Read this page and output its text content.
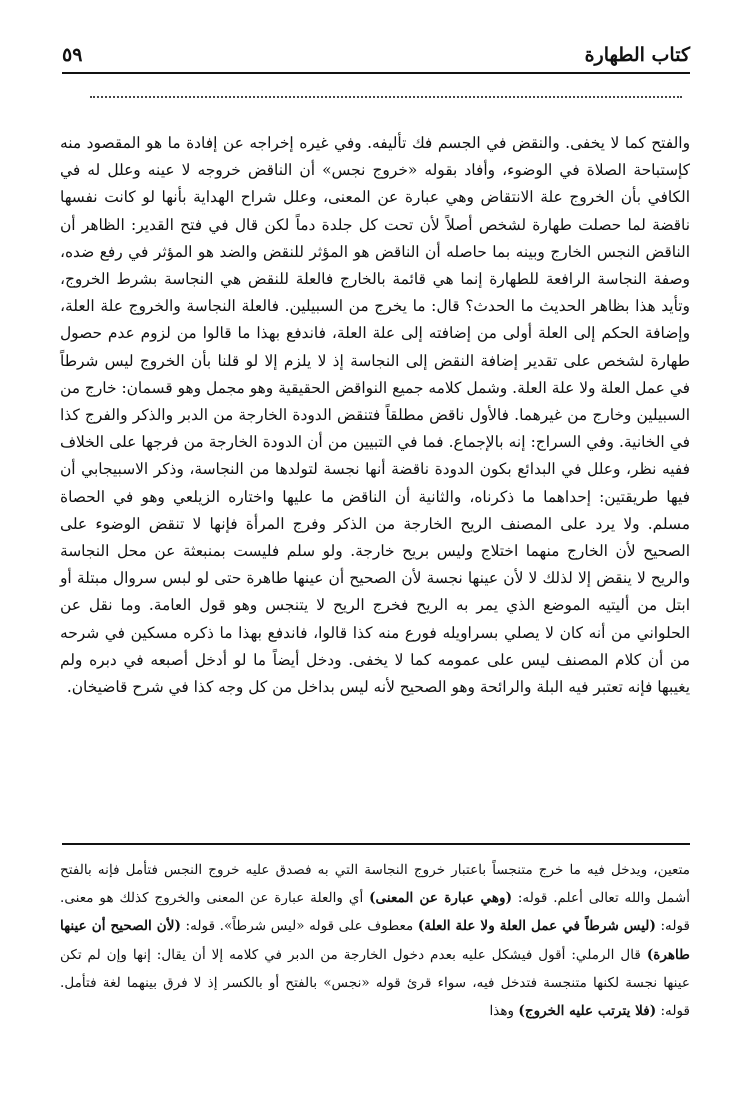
كتاب الطهارة
٥٩

والفتح كما لا يخفى. والنقض في الجسم فك تأليفه. وفي غيره إخراجه عن إفادة ما هو المقصود منه كإستباحة الصلاة في الوضوء، وأفاد بقوله «خروج نجس» أن الناقض خروجه لا عينه وعلل له في الكافي بأن الخروج علة الانتقاض وهي عبارة عن المعنى، وعلل شراح الهداية بأنها لو كانت نفسها ناقضة لما حصلت طهارة لشخص أصلاً لأن تحت كل جلدة دماً لكن قال في فتح القدير: الظاهر أن الناقض النجس الخارج وبينه بما حاصله أن الناقض هو المؤثر للنقض والضد هو المؤثر في رفع ضده، وصفة النجاسة الرافعة للطهارة إنما هي قائمة بالخارج فالعلة للنقض هي النجاسة بشرط الخروج، وتأيد هذا بظاهر الحديث ما الحدث؟ قال: ما يخرج من السبيلين. فالعلة النجاسة والخروج علة العلة، وإضافة الحكم إلى العلة أولى من إضافته إلى علة العلة، فاندفع بهذا ما قالوا من لزوم عدم حصول طهارة لشخص على تقدير إضافة النقض إلى النجاسة إذ لا يلزم إلا لو قلنا بأن الخروج ليس شرطاً في عمل العلة ولا علة العلة. وشمل كلامه جميع النواقض الحقيقية وهو مجمل وهو قسمان: خارج من السبيلين وخارج من غيرهما. فالأول ناقض مطلقاً فتنقض الدودة الخارجة من الدبر والذكر والفرج كذا في الخانية. وفي السراج: إنه بالإجماع. فما في التبيين من أن الدودة الخارجة من فرجها على الخلاف ففيه نظر، وعلل في البدائع بكون الدودة ناقضة أنها نجسة لتولدها من النجاسة، وذكر الاسبيجابي أن فيها طريقتين: إحداهما ما ذكرناه، والثانية أن الناقض ما عليها واختاره الزيلعي وهو في الحصاة مسلم. ولا يرد على المصنف الريح الخارجة من الذكر وفرج المرأة فإنها لا تنقض الوضوء على الصحيح لأن الخارج منهما اختلاج وليس بريح خارجة. ولو سلم فليست بمنبعثة عن محل النجاسة والريح لا ينقض إلا لذلك لا لأن عينها نجسة لأن الصحيح أن عينها طاهرة حتى لو لبس سروال مبتلة أو ابتل من أليتيه الموضع الذي يمر به الريح فخرج الريح لا يتنجس وهو قول العامة. وما نقل عن الحلواني من أنه كان لا يصلي بسراويله فورع منه كذا قالوا، فاندفع بهذا ما ذكره مسكين في شرحه من أن كلام المصنف ليس على عمومه كما لا يخفى. ودخل أيضاً ما لو أدخل أصبعه في دبره ولم يغيبها فإنه تعتبر فيه البلة والرائحة وهو الصحيح لأنه ليس بداخل من كل وجه كذا في شرح قاضيخان.

متعين، ويدخل فيه ما خرج متنجساً باعتبار خروج النجاسة التي به فصدق عليه خروج النجس فتأمل فإنه بالفتح أشمل والله تعالى أعلم. قوله: (وهي عبارة عن المعنى) أي والعلة عبارة عن المعنى والخروج كذلك هو معنى. قوله: (ليس شرطاً في عمل العلة ولا علة العلة) معطوف على قوله «ليس شرطاً». قوله: (لأن الصحيح أن عينها طاهرة) قال الرملي: أقول فيشكل عليه بعدم دخول الخارجة من الدبر في كلامه إلا أن يقال: إنها وإن لم تكن عينها نجسة لكنها متنجسة فتدخل فيه، سواء قرئ قوله «نجس» بالفتح أو بالكسر إذ لا فرق بينهما لغة فتأمل. قوله: (فلا يترتب عليه الخروج) وهذا
